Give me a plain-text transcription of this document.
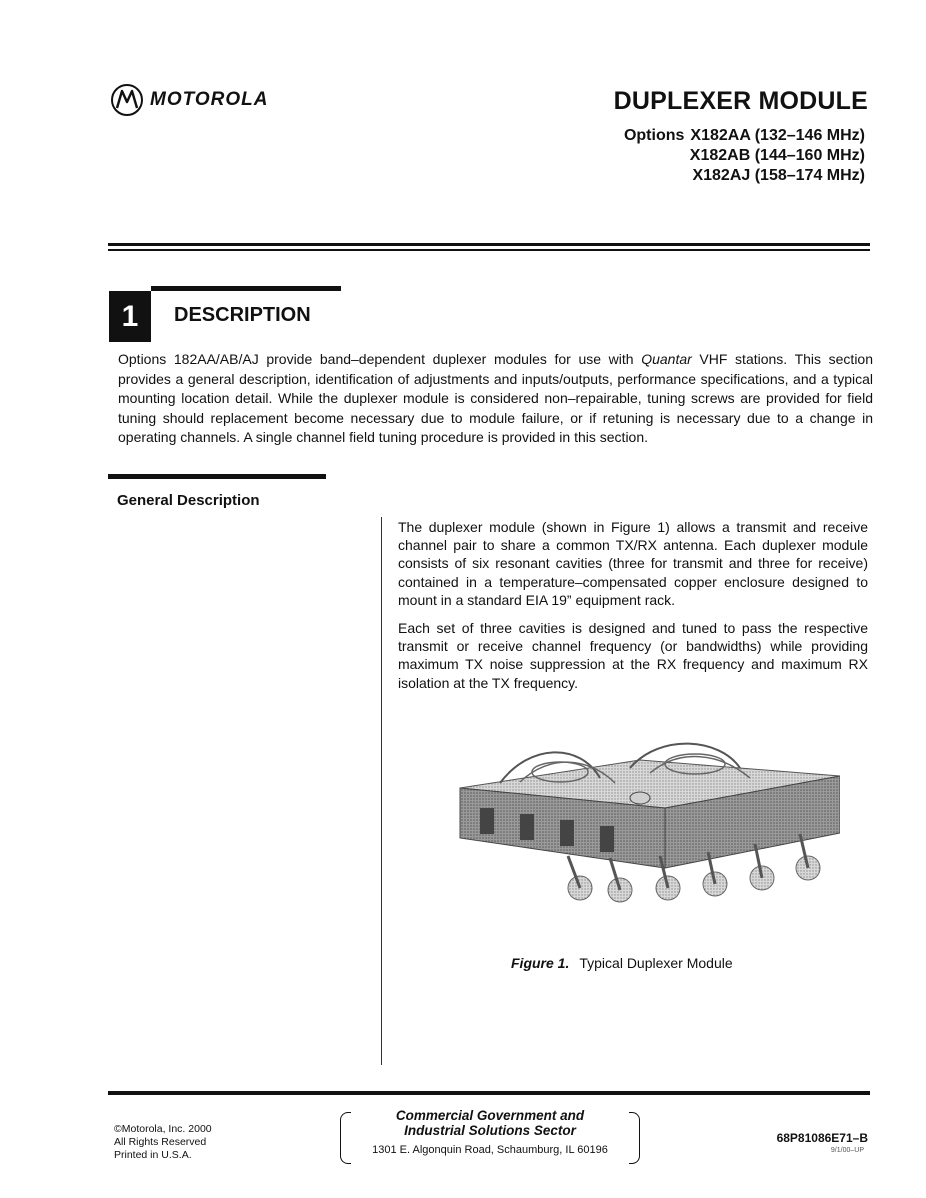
MOTOROLA	DUPLEXER MODULE
Options X182AA (132–146 MHz)
X182AB (144–160 MHz)
X182AJ (158–174 MHz)
1	DESCRIPTION
Options 182AA/AB/AJ provide band–dependent duplexer modules for use with Quantar VHF stations. This section provides a general description, identification of adjustments and inputs/outputs, performance specifications, and a typical mounting location detail. While the duplexer module is considered non–repairable, tuning screws are provided for field tuning should replacement become necessary due to module failure, or if retuning is necessary due to a change in operating channels. A single channel field tuning procedure is provided in this section.
General Description

The duplexer module (shown in Figure 1) allows a transmit and receive channel pair to share a common TX/RX antenna. Each duplexer module consists of six resonant cavities (three for transmit and three for receive) contained in a temperature–compensated copper enclosure designed to mount in a standard EIA 19” equipment rack.

Each set of three cavities is designed and tuned to pass the respective transmit or receive channel frequency (or bandwidths) while providing maximum TX noise suppression at the RX frequency and maximum RX isolation at the TX frequency.

Figure 1. Typical Duplexer Module
©Motorola, Inc. 2000
All Rights Reserved
Printed in U.S.A.
Commercial Government and
Industrial Solutions Sector
1301 E. Algonquin Road, Schaumburg, IL 60196
68P81086E71–B
9/1/00–UP
